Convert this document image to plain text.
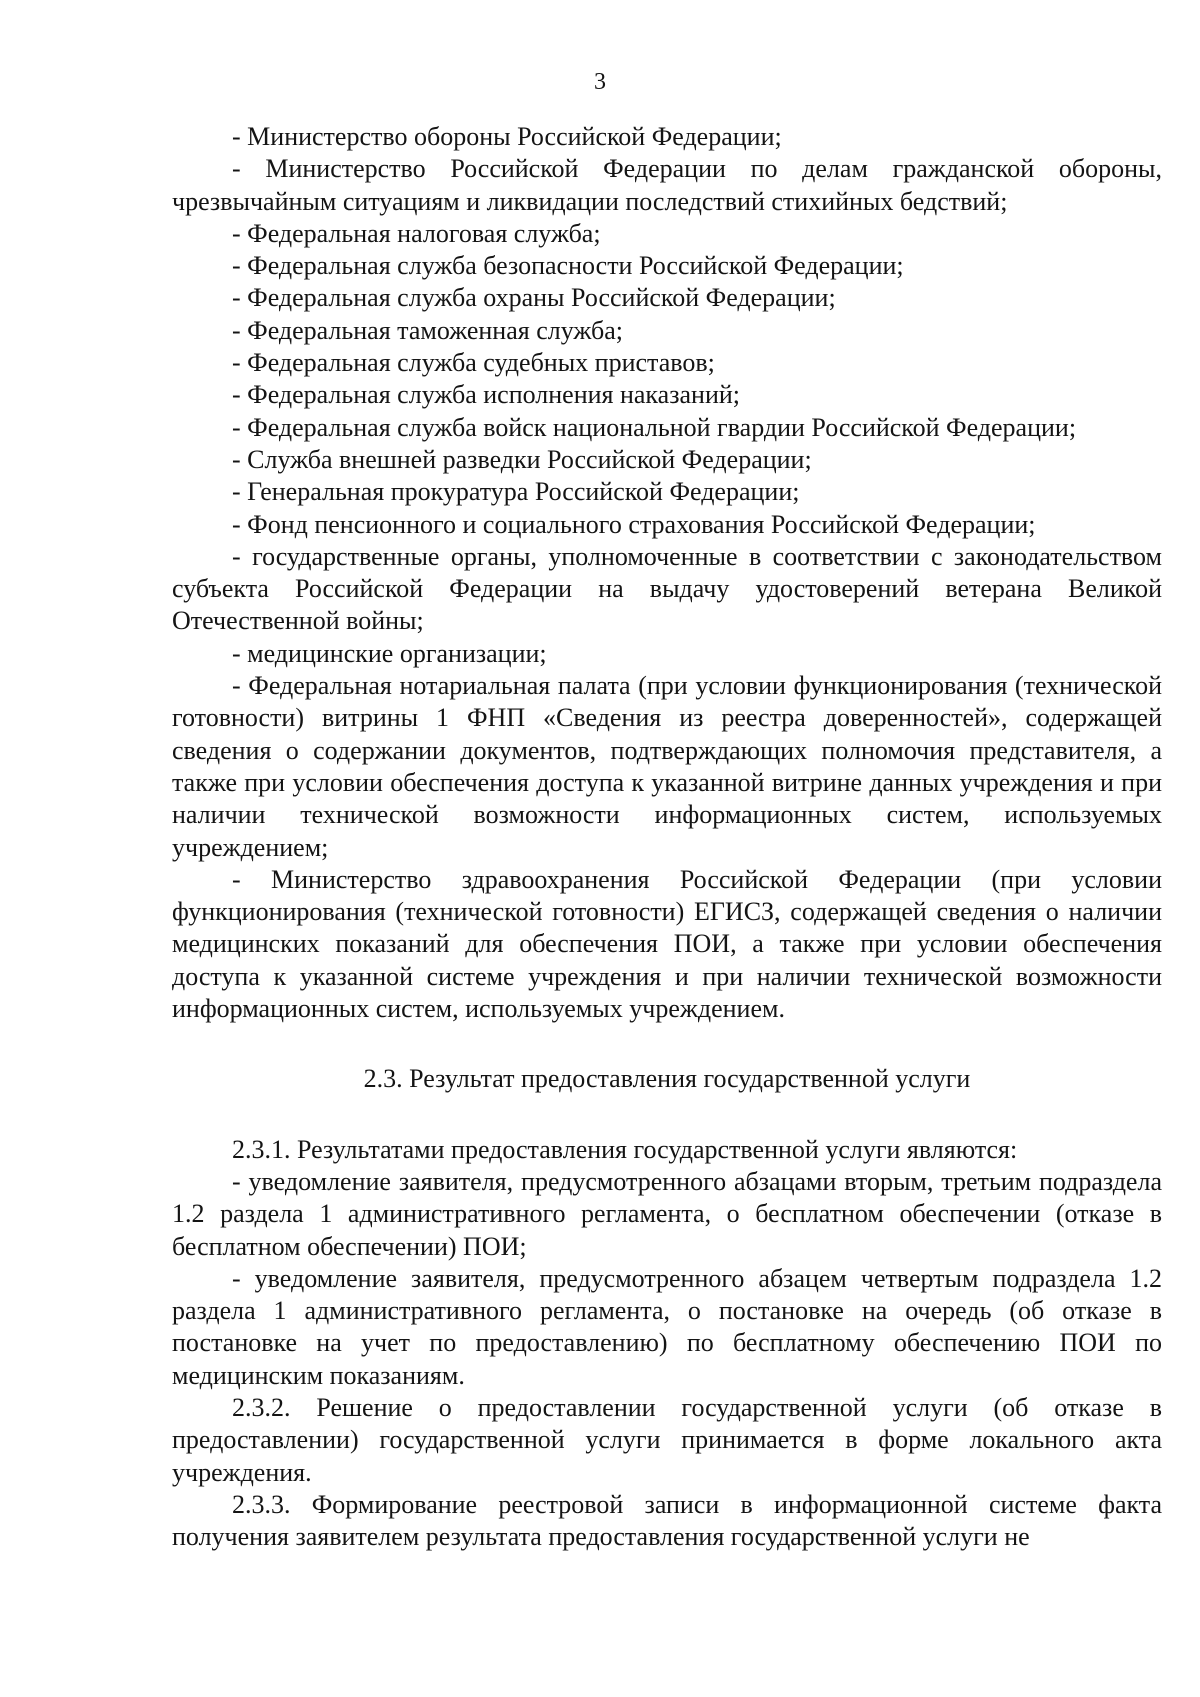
3

- Министерство обороны Российской Федерации;

- Министерство Российской Федерации по делам гражданской обороны, чрезвычайным ситуациям и ликвидации последствий стихийных бедствий;

- Федеральная налоговая служба;

- Федеральная служба безопасности Российской Федерации;

- Федеральная служба охраны Российской Федерации;

- Федеральная таможенная служба;

- Федеральная служба судебных приставов;

- Федеральная служба исполнения наказаний;

- Федеральная служба войск национальной гвардии Российской Федерации;

- Служба внешней разведки Российской Федерации;

- Генеральная прокуратура Российской Федерации;

- Фонд пенсионного и социального страхования Российской Федерации;

- государственные органы, уполномоченные в соответствии с законодательством субъекта Российской Федерации на выдачу удостоверений ветерана Великой Отечественной войны;

- медицинские организации;

- Федеральная нотариальная палата (при условии функционирования (технической готовности) витрины 1 ФНП «Сведения из реестра доверенностей», содержащей сведения о содержании документов, подтверждающих полномочия представителя, а также при условии обеспечения доступа к указанной витрине данных учреждения и при наличии технической возможности информационных систем, используемых учреждением;

- Министерство здравоохранения Российской Федерации (при условии функционирования (технической готовности) ЕГИСЗ, содержащей сведения о наличии медицинских показаний для обеспечения ПОИ, а также при условии обеспечения доступа к указанной системе учреждения и при наличии технической возможности информационных систем, используемых учреждением.

2.3. Результат предоставления государственной услуги

2.3.1. Результатами предоставления государственной услуги являются:

- уведомление заявителя, предусмотренного абзацами вторым, третьим подраздела 1.2 раздела 1 административного регламента, о бесплатном обеспечении (отказе в бесплатном обеспечении) ПОИ;

- уведомление заявителя, предусмотренного абзацем четвертым подраздела 1.2 раздела 1 административного регламента, о постановке на очередь (об отказе в постановке на учет по предоставлению) по бесплатному обеспечению ПОИ по медицинским показаниям.

2.3.2. Решение о предоставлении государственной услуги (об отказе в предоставлении) государственной услуги принимается в форме локального акта учреждения.

2.3.3. Формирование реестровой записи в информационной системе факта получения заявителем результата предоставления государственной услуги не
